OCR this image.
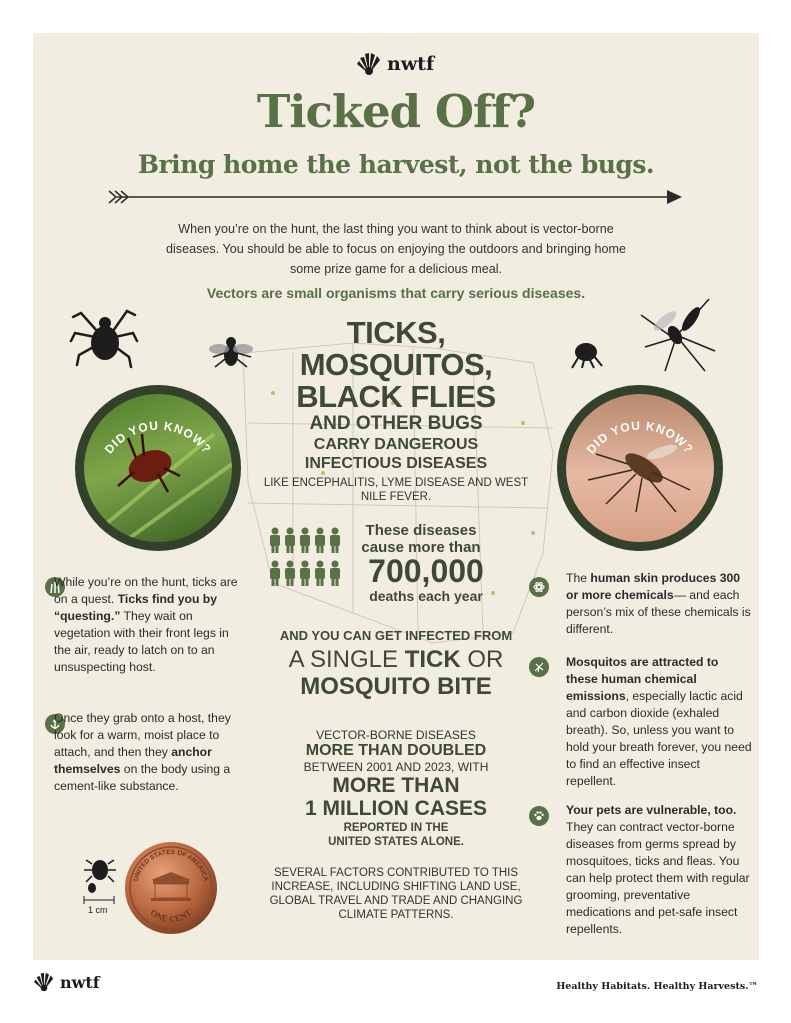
nwtf
Ticked Off?
Bring home the harvest, not the bugs.
When you’re on the hunt, the last thing you want to think about is vector-borne diseases. You should be able to focus on enjoying the outdoors and bringing home some prize game for a delicious meal.
Vectors are small organisms that carry serious diseases.
DID YOU KNOW?	DID YOU KNOW?
TICKS,
MOSQUITOS,
BLACK FLIES
AND OTHER BUGS
CARRY DANGEROUS
INFECTIOUS DISEASES
LIKE ENCEPHALITIS, LYME DISEASE AND WEST NILE FEVER.
These diseases
cause more than
700,000
deaths each year
AND YOU CAN GET INFECTED FROM
A SINGLE TICK OR
MOSQUITO BITE
VECTOR-BORNE DISEASES
MORE THAN DOUBLED
BETWEEN 2001 AND 2023, WITH
MORE THAN
1 MILLION CASES
REPORTED IN THE
UNITED STATES ALONE.
SEVERAL FACTORS CONTRIBUTED TO THIS INCREASE, INCLUDING SHIFTING LAND USE, GLOBAL TRAVEL AND TRADE AND CHANGING CLIMATE PATTERNS.
While you’re on the hunt, ticks are on a quest. Ticks find you by “questing.” They wait on vegetation with their front legs in the air, ready to latch on to an unsuspecting host.
Once they grab onto a host, they look for a warm, moist place to attach, and then they anchor themselves on the body using a cement-like substance.
1 cm
UNITED STATES OF AMERICA
ONE CENT
The human skin produces 300 or more chemicals— and each person’s mix of these chemicals is different.
Mosquitos are attracted to these human chemical emissions, especially lactic acid and carbon dioxide (exhaled breath). So, unless you want to hold your breath forever, you need to find an effective insect repellent.
Your pets are vulnerable, too. They can contract vector-borne diseases from germs spread by mosquitoes, ticks and fleas. You can help protect them with regular grooming, preventative medications and pet-safe insect repellents.
nwtf	Healthy Habitats. Healthy Harvests.™
